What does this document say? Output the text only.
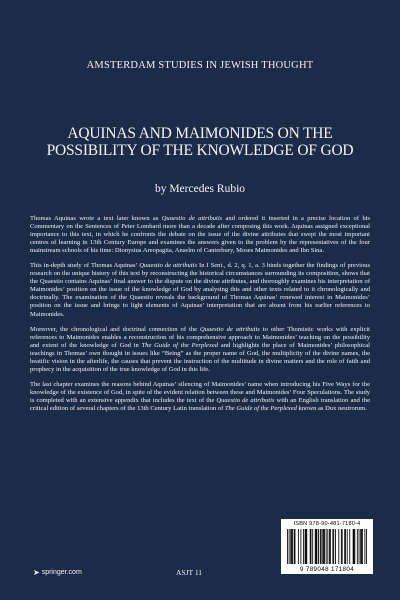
AMSTERDAM STUDIES IN JEWISH THOUGHT
AQUINAS AND MAIMONIDES ON THE
POSSIBILITY OF THE KNOWLEDGE OF GOD
by Mercedes Rubio

Thomas Aquinas wrote a text later known as Quaestio de attributis and ordered it inserted in a precise location of his Commentary on the Sentences of Peter Lombard more than a decade after composing this work. Aquinas assigned exceptional importance to this text, in which he confronts the debate on the issue of the divine attributes that swept the most important centres of learning in 13th Century Europe and examines the answers given to the problem by the representatives of the four mainstream schools of his time: Dionysius Areopagita, Anselm of Canterbury, Moses Maimonides and Ibn Sina.

This in-depth study of Thomas Aquinas’ Quaestio de attributis In I Sent., d. 2, q. 1, a. 3 binds together the findings of previous research on the unique history of this text by reconstructing the historical circumstances surrounding its composition, shows that the Quaestio contains Aquinas’ final answer to the dispute on the divine attributes, and thoroughly examines his interpretation of Maimonides’ position on the issue of the knowledge of God by analysing this and other texts related to it chronologically and doctrinally. The examination of the Quaestio reveals the background of Thomas Aquinas’ renewed interest in Maimonides’ position on the issue and brings to light elements of Aquinas’ interpretation that are absent from his earlier references to Maimonides.

Moreover, the chronological and doctrinal connection of the Quaestio de attributis to other Thomistic works with explicit references to Maimonides enables a reconstruction of his comprehensive approach to Maimonides’ teaching on the possibility and extent of the knowledge of God in The Guide of the Perplexed and highlights the place of Maimonides’ philosophical teachings in Thomas’ own thought in issues like “Being” as the proper name of God, the multiplicity of the divine names, the beatific vision in the afterlife, the causes that prevent the instruction of the multitude in divine matters and the role of faith and prophecy in the acquisition of the true knowledge of God in this life.

The last chapter examines the reasons behind Aquinas’ silencing of Maimonides’ name when introducing his Five Ways for the knowledge of the existence of God, in spite of the evident relation between these and Maimonides’ Four Speculations. The study is completed with an extensive appendix that includes the text of the Quaestio de attributis with an English translation and the critical edition of several chapters of the 13th Century Latin translation of The Guide of the Perplexed known as Dux neutrorum.

ISBN 978-90-481-7180-4
9 789048 171804
➤ springer.com	ASJT 11
